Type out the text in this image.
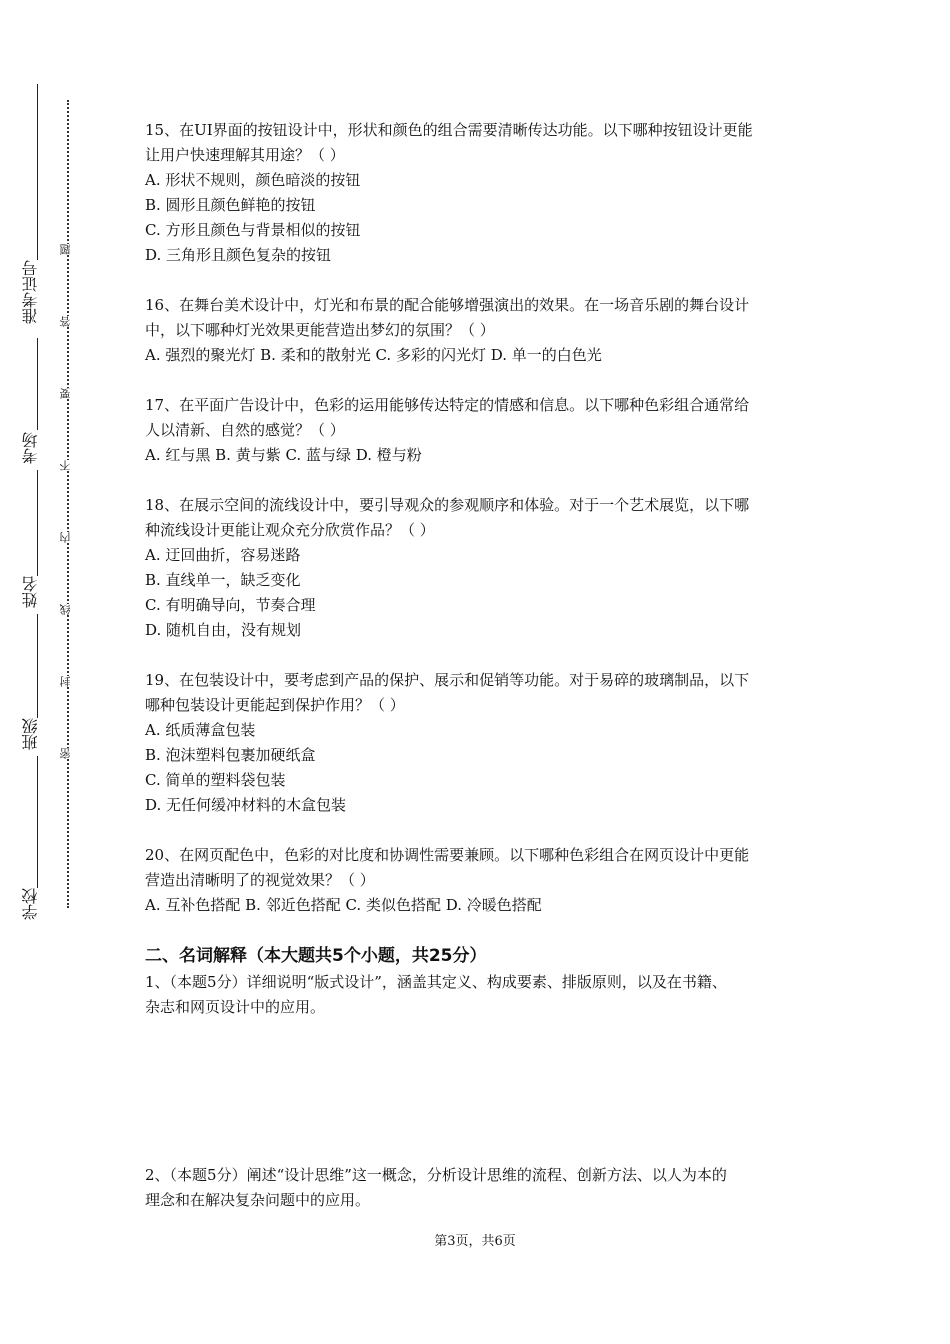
准考证号
考场
姓名
班级
学校
题
答
要
不
内
线
封
密

15、在UI界面的按钮设计中，形状和颜色的组合需要清晰传达功能。以下哪种按钮设计更能

让用户快速理解其用途？（ ）

A. 形状不规则，颜色暗淡的按钮

B. 圆形且颜色鲜艳的按钮

C. 方形且颜色与背景相似的按钮

D. 三角形且颜色复杂的按钮

16、在舞台美术设计中，灯光和布景的配合能够增强演出的效果。在一场音乐剧的舞台设计

中，以下哪种灯光效果更能营造出梦幻的氛围？（ ）

A. 强烈的聚光灯 B. 柔和的散射光 C. 多彩的闪光灯 D. 单一的白色光

17、在平面广告设计中，色彩的运用能够传达特定的情感和信息。以下哪种色彩组合通常给

人以清新、自然的感觉？（ ）

A. 红与黑 B. 黄与紫 C. 蓝与绿 D. 橙与粉

18、在展示空间的流线设计中，要引导观众的参观顺序和体验。对于一个艺术展览，以下哪

种流线设计更能让观众充分欣赏作品？（ ）

A. 迂回曲折，容易迷路

B. 直线单一，缺乏变化

C. 有明确导向，节奏合理

D. 随机自由，没有规划

19、在包装设计中，要考虑到产品的保护、展示和促销等功能。对于易碎的玻璃制品，以下

哪种包装设计更能起到保护作用？（ ）

A. 纸质薄盒包装

B. 泡沫塑料包裹加硬纸盒

C. 简单的塑料袋包装

D. 无任何缓冲材料的木盒包装

20、在网页配色中，色彩的对比度和协调性需要兼顾。以下哪种色彩组合在网页设计中更能

营造出清晰明了的视觉效果？（ ）

A. 互补色搭配 B. 邻近色搭配 C. 类似色搭配 D. 冷暖色搭配

二、名词解释（本大题共5个小题，共25分）

1、（本题5分）详细说明“版式设计”，涵盖其定义、构成要素、排版原则，以及在书籍、

杂志和网页设计中的应用。

2、（本题5分）阐述“设计思维”这一概念，分析设计思维的流程、创新方法、以人为本的

理念和在解决复杂问题中的应用。

第3页，共6页
